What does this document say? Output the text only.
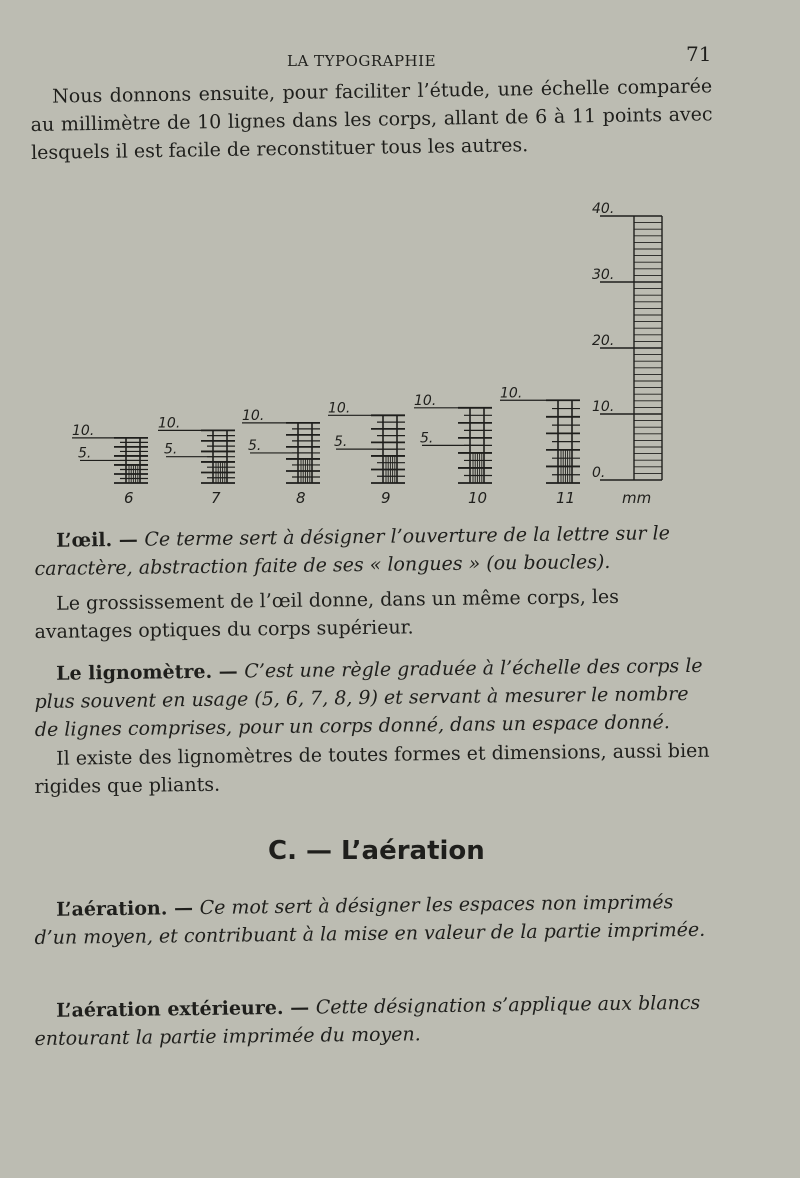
LA TYPOGRAPHIE	71

Nous donnons ensuite, pour faciliter l’étude, une échelle comparée au millimètre de 10 lignes dans les corps, allant de 6 à 11 points avec lesquels il est facile de reconstituer tous les autres.

10.
5.
6
10.
5.
7
10.
5.
8
10.
5.
9
10.
5.
10
10.
11
40.
30.
20.
10.
0.
mm

L’œil. — Ce terme sert à désigner l’ouverture de la lettre sur le caractère, abstraction faite de ses « longues » (ou boucles).

Le grossissement de l’œil donne, dans un même corps, les avantages optiques du corps supérieur.

Le lignomètre. — C’est une règle graduée à l’échelle des corps le plus souvent en usage (5, 6, 7, 8, 9) et servant à mesurer le nombre de lignes comprises, pour un corps donné, dans un espace donné.

Il existe des lignomètres de toutes formes et dimensions, aussi bien rigides que pliants.

C. — L’aération

L’aération. — Ce mot sert à désigner les espaces non imprimés d’un moyen, et contribuant à la mise en valeur de la partie imprimée.

L’aération extérieure. — Cette désignation s’applique aux blancs entourant la partie imprimée du moyen.
